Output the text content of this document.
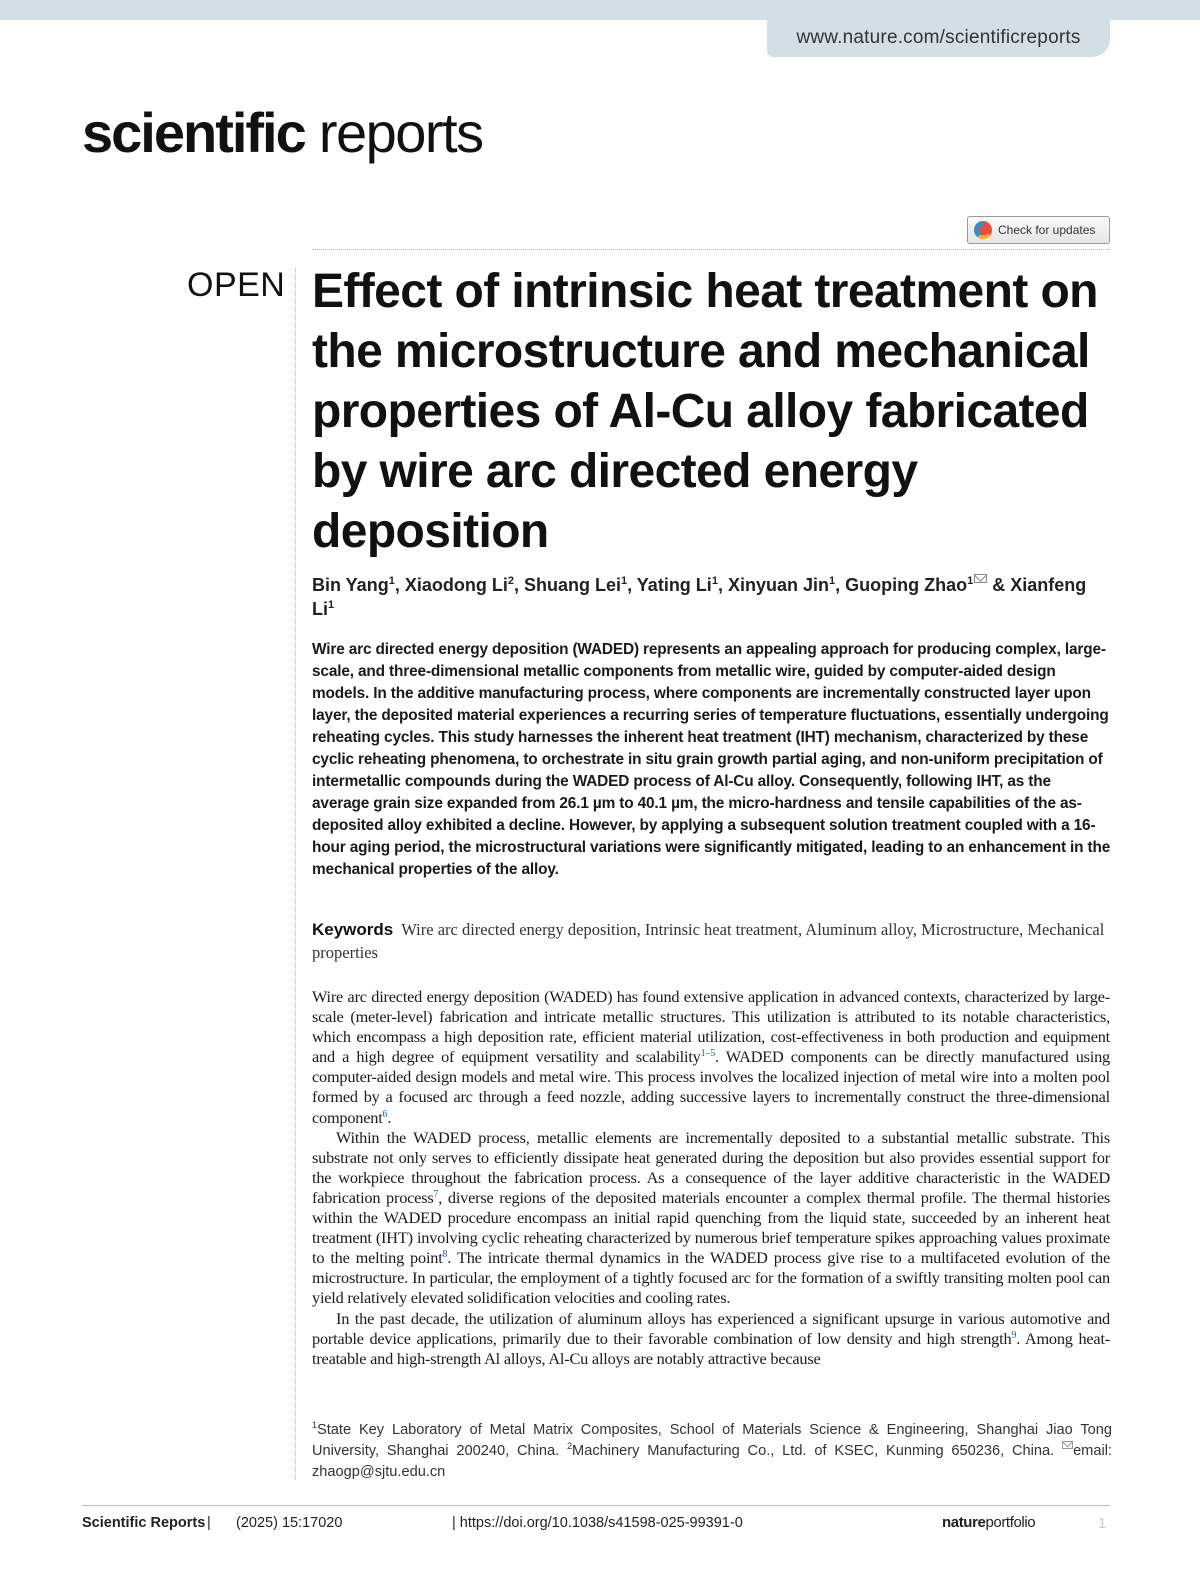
www.nature.com/scientificreports
scientific reports
Check for updates
OPEN Effect of intrinsic heat treatment on the microstructure and mechanical properties of Al-Cu alloy fabricated by wire arc directed energy deposition
Bin Yang$^1$, Xiaodong Li$^2$, Shuang Lei$^1$, Yating Li$^1$, Xinyuan Jin$^1$, Guoping Zhao$^1$ & Xianfeng Li$^1$
Wire arc directed energy deposition (WADED) represents an appealing approach for producing complex, large-scale, and three-dimensional metallic components from metallic wire, guided by computer-aided design models. In the additive manufacturing process, where components are incrementally constructed layer upon layer, the deposited material experiences a recurring series of temperature fluctuations, essentially undergoing reheating cycles. This study harnesses the inherent heat treatment (IHT) mechanism, characterized by these cyclic reheating phenomena, to orchestrate in situ grain growth partial aging, and non-uniform precipitation of intermetallic compounds during the WADED process of Al-Cu alloy. Consequently, following IHT, as the average grain size expanded from 26.1 µm to 40.1 µm, the micro-hardness and tensile capabilities of the as-deposited alloy exhibited a decline. However, by applying a subsequent solution treatment coupled with a 16-hour aging period, the microstructural variations were significantly mitigated, leading to an enhancement in the mechanical properties of the alloy.
Keywords Wire arc directed energy deposition, Intrinsic heat treatment, Aluminum alloy, Microstructure, Mechanical properties

Wire arc directed energy deposition (WADED) has found extensive application in advanced contexts, characterized by large-scale (meter-level) fabrication and intricate metallic structures. This utilization is attributed to its notable characteristics, which encompass a high deposition rate, efficient material utilization, cost-effectiveness in both production and equipment and a high degree of equipment versatility and scalability$^{1-5}$. WADED components can be directly manufactured using computer-aided design models and metal wire. This process involves the localized injection of metal wire into a molten pool formed by a focused arc through a feed nozzle, adding successive layers to incrementally construct the three-dimensional component$^6$.

Within the WADED process, metallic elements are incrementally deposited to a substantial metallic substrate. This substrate not only serves to efficiently dissipate heat generated during the deposition but also provides essential support for the workpiece throughout the fabrication process. As a consequence of the layer additive characteristic in the WADED fabrication process$^7$, diverse regions of the deposited materials encounter a complex thermal profile. The thermal histories within the WADED procedure encompass an initial rapid quenching from the liquid state, succeeded by an inherent heat treatment (IHT) involving cyclic reheating characterized by numerous brief temperature spikes approaching values proximate to the melting point$^8$. The intricate thermal dynamics in the WADED process give rise to a multifaceted evolution of the microstructure. In particular, the employment of a tightly focused arc for the formation of a swiftly transiting molten pool can yield relatively elevated solidification velocities and cooling rates.

In the past decade, the utilization of aluminum alloys has experienced a significant upsurge in various automotive and portable device applications, primarily due to their favorable combination of low density and high strength$^9$. Among heat-treatable and high-strength Al alloys, Al-Cu alloys are notably attractive because

$^1$State Key Laboratory of Metal Matrix Composites, School of Materials Science & Engineering, Shanghai Jiao Tong University, Shanghai 200240, China. $^2$Machinery Manufacturing Co., Ltd. of KSEC, Kunming 650236, China. email: zhaogp@sjtu.edu.cn
Scientific Reports | (2025) 15:17020	| https://doi.org/10.1038/s41598-025-99391-0	natureportfolio	1
